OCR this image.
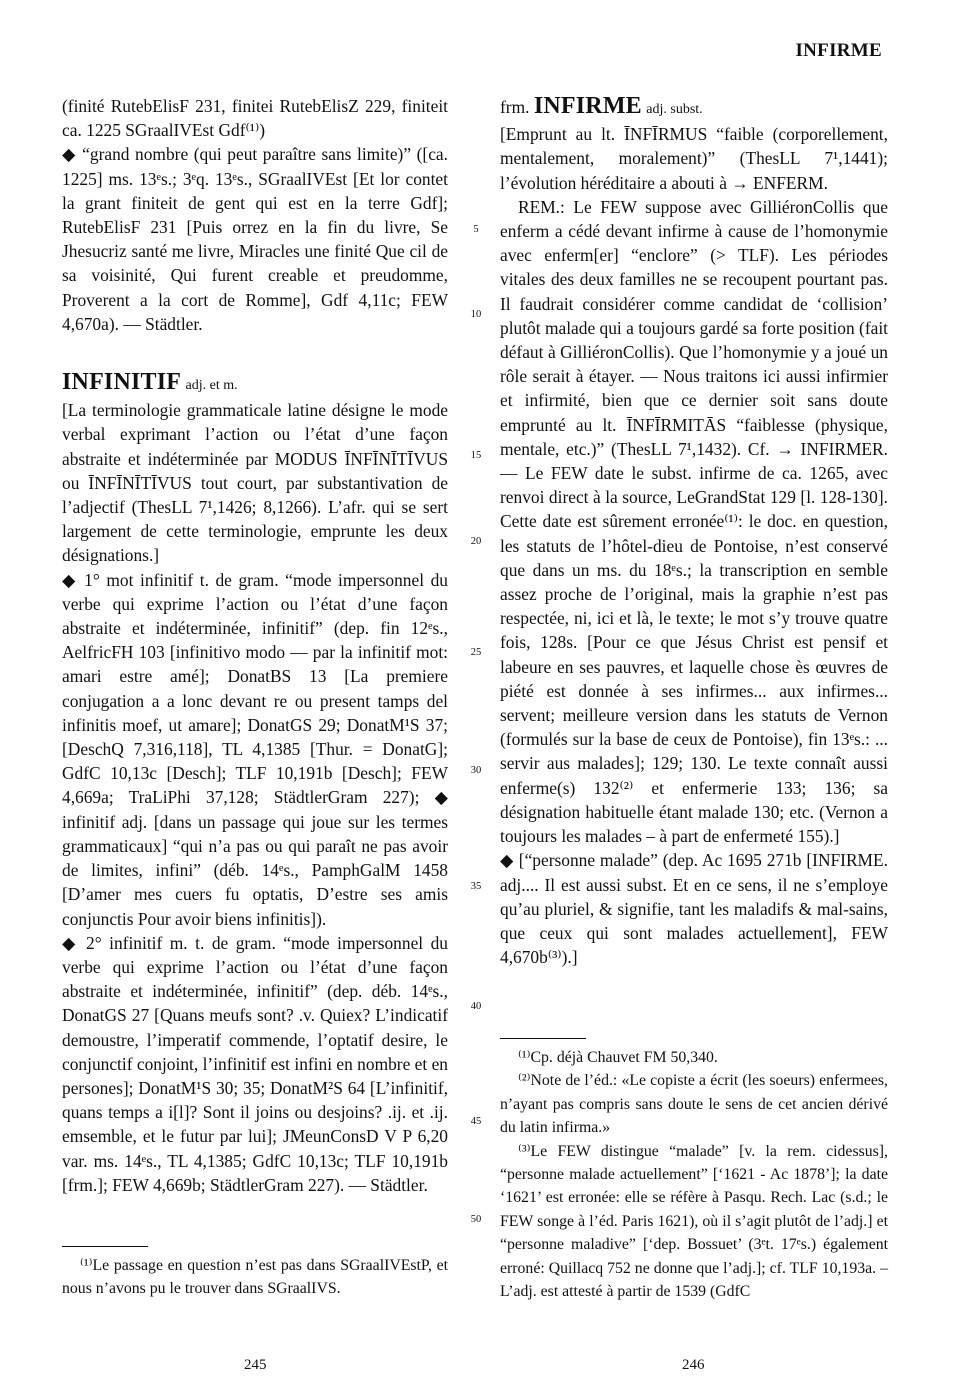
INFIRME

(finité RutebElisF 231, finitei RutebElisZ 229, finiteit ca. 1225 SGraalIVEst Gdf⁽¹⁾)

◆ “grand nombre (qui peut paraître sans limite)” ([ca. 1225] ms. 13ᵉs.; 3ᵉq. 13ᵉs., SGraalIVEst [Et lor contet la grant finiteit de gent qui est en la terre Gdf]; RutebElisF 231 [Puis orrez en la fin du livre, Se Jhesucriz santé me livre, Miracles une finité Que cil de sa voisinité, Qui furent creable et preudomme, Proverent a la cort de Romme], Gdf 4,11c; FEW 4,670a). — Städtler.

INFINITIF adj. et m.

[La terminologie grammaticale latine désigne le mode verbal exprimant l’action ou l’état d’une façon abstraite et indéterminée par MODUS ĪNFĪNĪTĪVUS ou ĪNFĪNĪTĪVUS tout court, par substantivation de l’adjectif (ThesLL 7¹,1426; 8,1266). L’afr. qui se sert largement de cette terminologie, emprunte les deux désignations.]

◆ 1° mot infinitif t. de gram. “mode impersonnel du verbe qui exprime l’action ou l’état d’une façon abstraite et indéterminée, infinitif” (dep. fin 12ᵉs., AelfricFH 103 [infinitivo modo — par la infinitif mot: amari estre amé]; DonatBS 13 [La premiere conjugation a a lonc devant re ou present tamps del infinitis moef, ut amare]; DonatGS 29; DonatM¹S 37; [DeschQ 7,316,118], TL 4,1385 [Thur. = DonatG]; GdfC 10,13c [Desch]; TLF 10,191b [Desch]; FEW 4,669a; TraLiPhi 37,128; StädtlerGram 227); ◆ infinitif adj. [dans un passage qui joue sur les termes grammaticaux] “qui n’a pas ou qui paraît ne pas avoir de limites, infini” (déb. 14ᵉs., PamphGalM 1458 [D’amer mes cuers fu optatis, D’estre ses amis conjunctis Pour avoir biens infinitis]).

◆ 2° infinitif m. t. de gram. “mode impersonnel du verbe qui exprime l’action ou l’état d’une façon abstraite et indéterminée, infinitif” (dep. déb. 14ᵉs., DonatGS 27 [Quans meufs sont? .v. Quiex? L’indicatif demoustre, l’imperatif commende, l’optatif desire, le conjunctif conjoint, l’infinitif est infini en nombre et en persones]; DonatM¹S 30; 35; DonatM²S 64 [L’infinitif, quans temps a i[l]? Sont il joins ou desjoins? .ij. et .ij. emsemble, et le futur par lui]; JMeunConsD V P 6,20 var. ms. 14ᵉs., TL 4,1385; GdfC 10,13c; TLF 10,191b [frm.]; FEW 4,669b; StädtlerGram 227). — Städtler.

⁽¹⁾Le passage en question n’est pas dans SGraalIVEstP, et nous n’avons pu le trouver dans SGraalIVS.

5
10
15
20
25
30
35
40
45
50

frm. INFIRME adj. subst.

[Emprunt au lt. ĪNFĪRMUS “faible (corporellement, mentalement, moralement)” (ThesLL 7¹,1441); l’évolution héréditaire a abouti à → ENFERM.

REM.: Le FEW suppose avec GilliéronCollis que enferm a cédé devant infirme à cause de l’homonymie avec enferm[er] “enclore” (> TLF). Les périodes vitales des deux familles ne se recoupent pourtant pas. Il faudrait considérer comme candidat de ‘collision’ plutôt malade qui a toujours gardé sa forte position (fait défaut à GilliéronCollis). Que l’homonymie y a joué un rôle serait à étayer. — Nous traitons ici aussi infirmier et infirmité, bien que ce dernier soit sans doute emprunté au lt. ĪNFĪRMITĀS “faiblesse (physique, mentale, etc.)” (ThesLL 7¹,1432). Cf. → INFIRMER. — Le FEW date le subst. infirme de ca. 1265, avec renvoi direct à la source, LeGrandStat 129 [l. 128-130]. Cette date est sûrement erronée⁽¹⁾: le doc. en question, les statuts de l’hôtel-dieu de Pontoise, n’est conservé que dans un ms. du 18ᵉs.; la transcription en semble assez proche de l’original, mais la graphie n’est pas respectée, ni, ici et là, le texte; le mot s’y trouve quatre fois, 128s. [Pour ce que Jésus Christ est pensif et labeure en ses pauvres, et laquelle chose ès œuvres de piété est donnée à ses infirmes... aux infirmes... servent; meilleure version dans les statuts de Vernon (formulés sur la base de ceux de Pontoise), fin 13ᵉs.: ... servir aus malades]; 129; 130. Le texte connaît aussi enferme(s) 132⁽²⁾ et enfermerie 133; 136; sa désignation habituelle étant malade 130; etc. (Vernon a toujours les malades – à part de enfermeté 155).]

◆ [“personne malade” (dep. Ac 1695 271b [INFIRME. adj.... Il est aussi subst. Et en ce sens, il ne s’employe qu’au pluriel, & signifie, tant les maladifs & mal-sains, que ceux qui sont malades actuellement], FEW 4,670b⁽³⁾).]

⁽¹⁾Cp. déjà Chauvet FM 50,340.

⁽²⁾Note de l’éd.: «Le copiste a écrit (les soeurs) enfermees, n’ayant pas compris sans doute le sens de cet ancien dérivé du latin infirma.»

⁽³⁾Le FEW distingue “malade” [v. la rem. cidessus], “personne malade actuellement” [‘1621 - Ac 1878’]; la date ‘1621’ est erronée: elle se réfère à Pasqu. Rech. Lac (s.d.; le FEW songe à l’éd. Paris 1621), où il s’agit plutôt de l’adj.] et “personne maladive” [‘dep. Bossuet’ (3ᵉt. 17ᵉs.) également erroné: Quillacq 752 ne donne que l’adj.]; cf. TLF 10,193a. – L’adj. est attesté à partir de 1539 (GdfC

245	246
